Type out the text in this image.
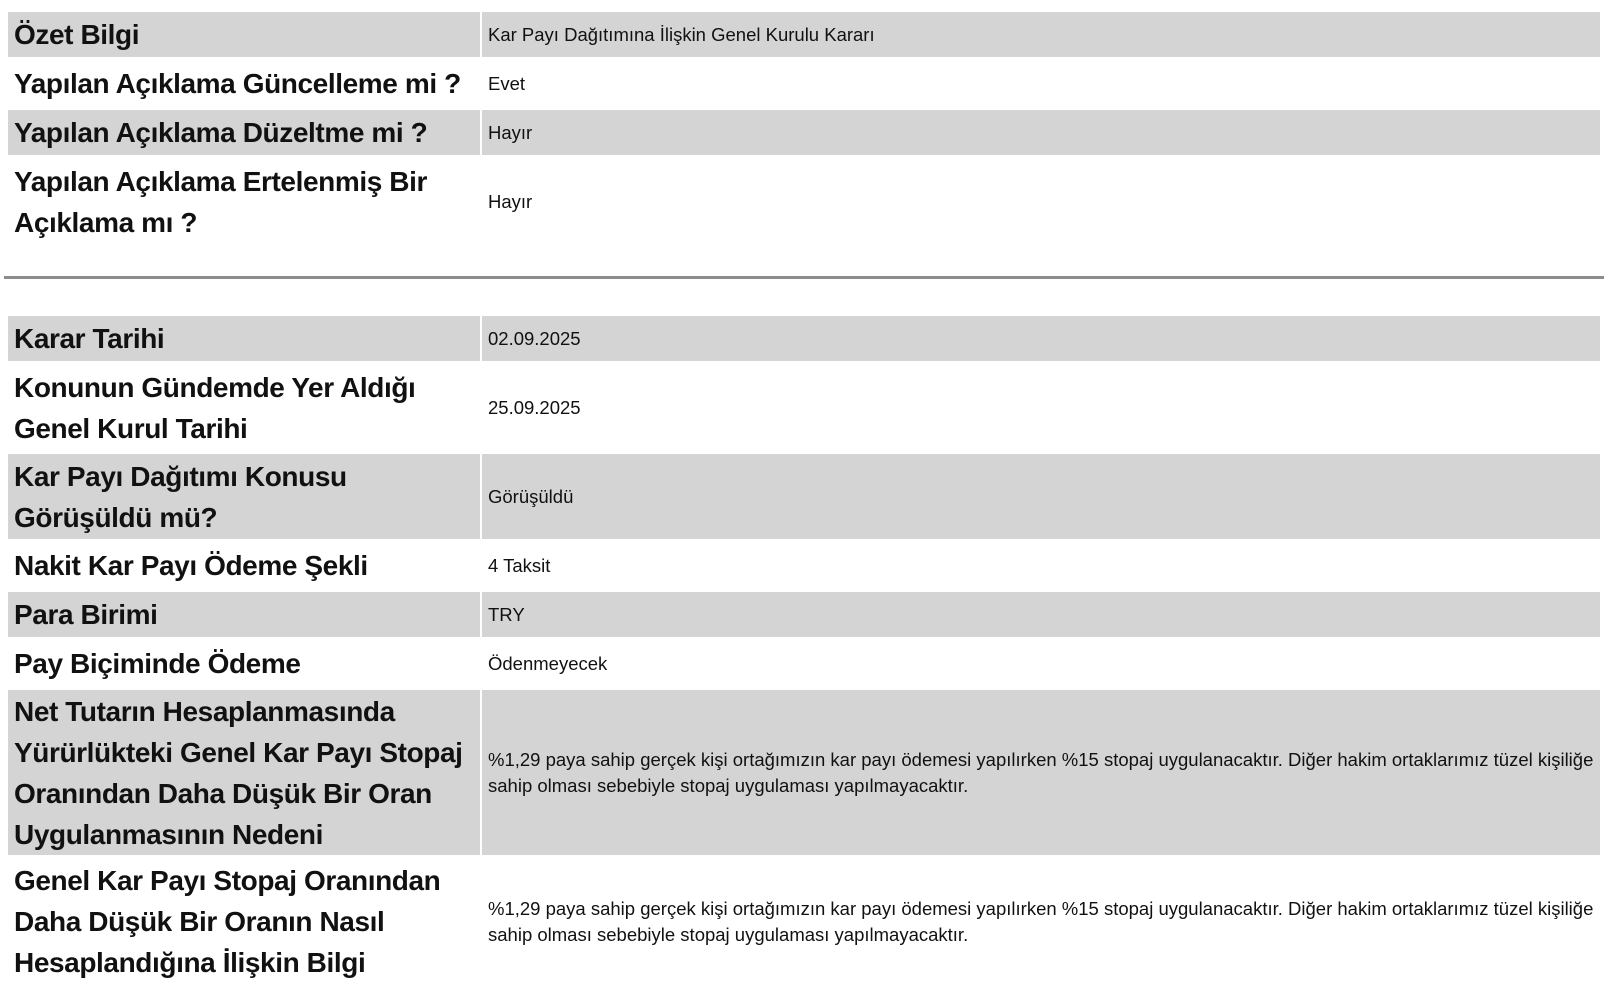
Özet Bilgi	Kar Payı Dağıtımına İlişkin Genel Kurulu Kararı
Yapılan Açıklama Güncelleme mi ?	Evet
Yapılan Açıklama Düzeltme mi ?	Hayır
Yapılan Açıklama Ertelenmiş Bir Açıklama mı ?	Hayır
Karar Tarihi	02.09.2025
Konunun Gündemde Yer Aldığı Genel Kurul Tarihi	25.09.2025
Kar Payı Dağıtımı Konusu Görüşüldü mü?	Görüşüldü
Nakit Kar Payı Ödeme Şekli	4 Taksit
Para Birimi	TRY
Pay Biçiminde Ödeme	Ödenmeyecek
Net Tutarın Hesaplanmasında Yürürlükteki Genel Kar Payı Stopaj Oranından Daha Düşük Bir Oran Uygulanmasının Nedeni	%1,29 paya sahip gerçek kişi ortağımızın kar payı ödemesi yapılırken %15 stopaj uygulanacaktır. Diğer hakim ortaklarımız tüzel kişiliğe sahip olması sebebiyle stopaj uygulaması yapılmayacaktır.
Genel Kar Payı Stopaj Oranından Daha Düşük Bir Oranın Nasıl Hesaplandığına İlişkin Bilgi	%1,29 paya sahip gerçek kişi ortağımızın kar payı ödemesi yapılırken %15 stopaj uygulanacaktır. Diğer hakim ortaklarımız tüzel kişiliğe sahip olması sebebiyle stopaj uygulaması yapılmayacaktır.
